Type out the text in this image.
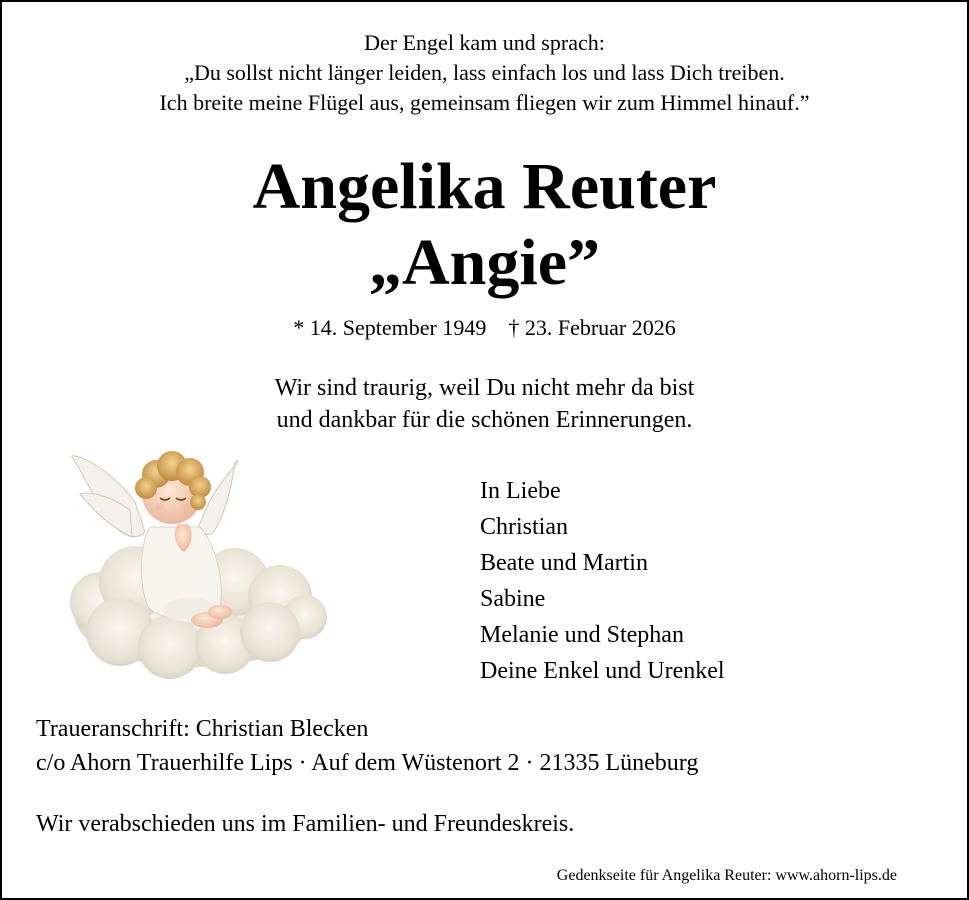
Der Engel kam und sprach:
„Du sollst nicht länger leiden, lass einfach los und lass Dich treiben.
Ich breite meine Flügel aus, gemeinsam fliegen wir zum Himmel hinauf.”
Angelika Reuter
„Angie”
* 14. September 1949 † 23. Februar 2026
Wir sind traurig, weil Du nicht mehr da bist
und dankbar für die schönen Erinnerungen.
In Liebe
Christian
Beate und Martin
Sabine
Melanie und Stephan
Deine Enkel und Urenkel
Traueranschrift: Christian Blecken
c/o Ahorn Trauerhilfe Lips · Auf dem Wüstenort 2 · 21335 Lüneburg
Wir verabschieden uns im Familien- und Freundeskreis.
Gedenkseite für Angelika Reuter: www.ahorn-lips.de
